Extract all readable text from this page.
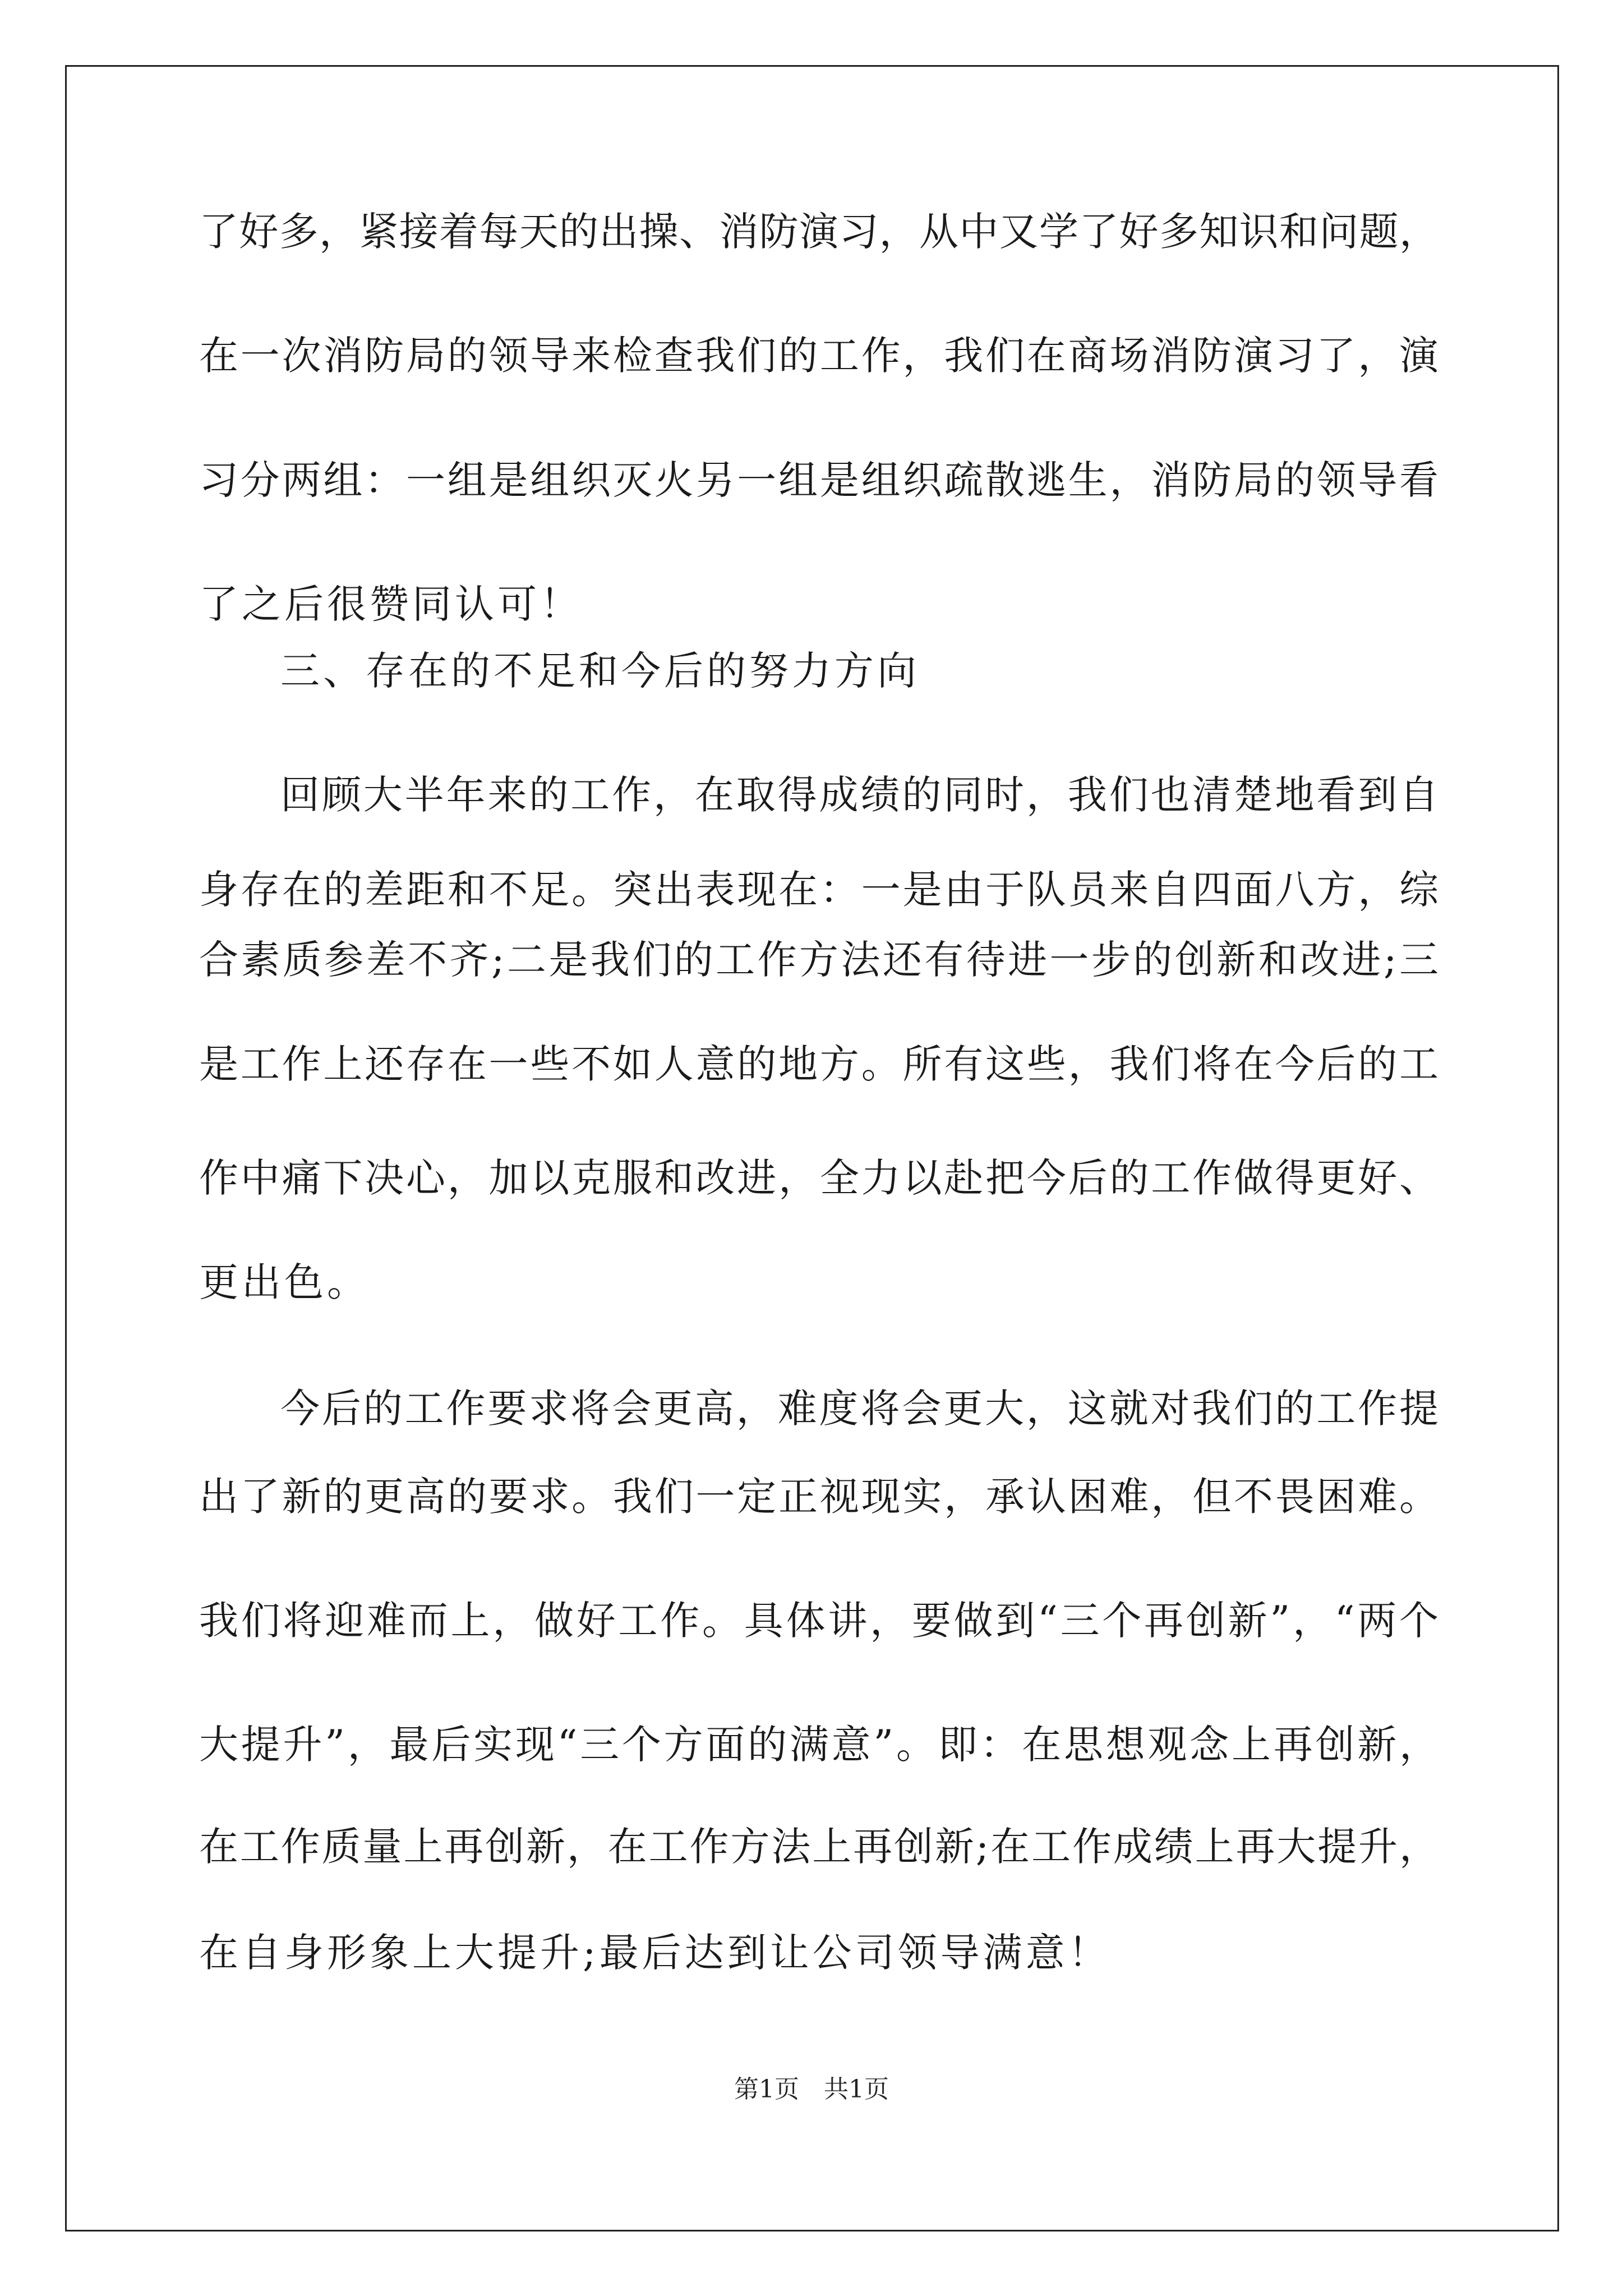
了好多，紧接着每天的出操、消防演习，从中又学了好多知识和问题，
在一次消防局的领导来检查我们的工作，我们在商场消防演习了，演
习分两组：一组是组织灭火另一组是组织疏散逃生，消防局的领导看
了之后很赞同认可！
三、存在的不足和今后的努力方向
回顾大半年来的工作，在取得成绩的同时，我们也清楚地看到自
身存在的差距和不足。突出表现在：一是由于队员来自四面八方，综
合素质参差不齐;二是我们的工作方法还有待进一步的创新和改进;三
是工作上还存在一些不如人意的地方。所有这些，我们将在今后的工
作中痛下决心，加以克服和改进，全力以赴把今后的工作做得更好、
更出色。
今后的工作要求将会更高，难度将会更大，这就对我们的工作提
出了新的更高的要求。我们一定正视现实，承认困难，但不畏困难。
我们将迎难而上，做好工作。具体讲，要做到“三个再创新”，“两个
大提升”，最后实现“三个方面的满意”。即：在思想观念上再创新，
在工作质量上再创新，在工作方法上再创新;在工作成绩上再大提升，
在自身形象上大提升;最后达到让公司领导满意！
第1页　共1页
